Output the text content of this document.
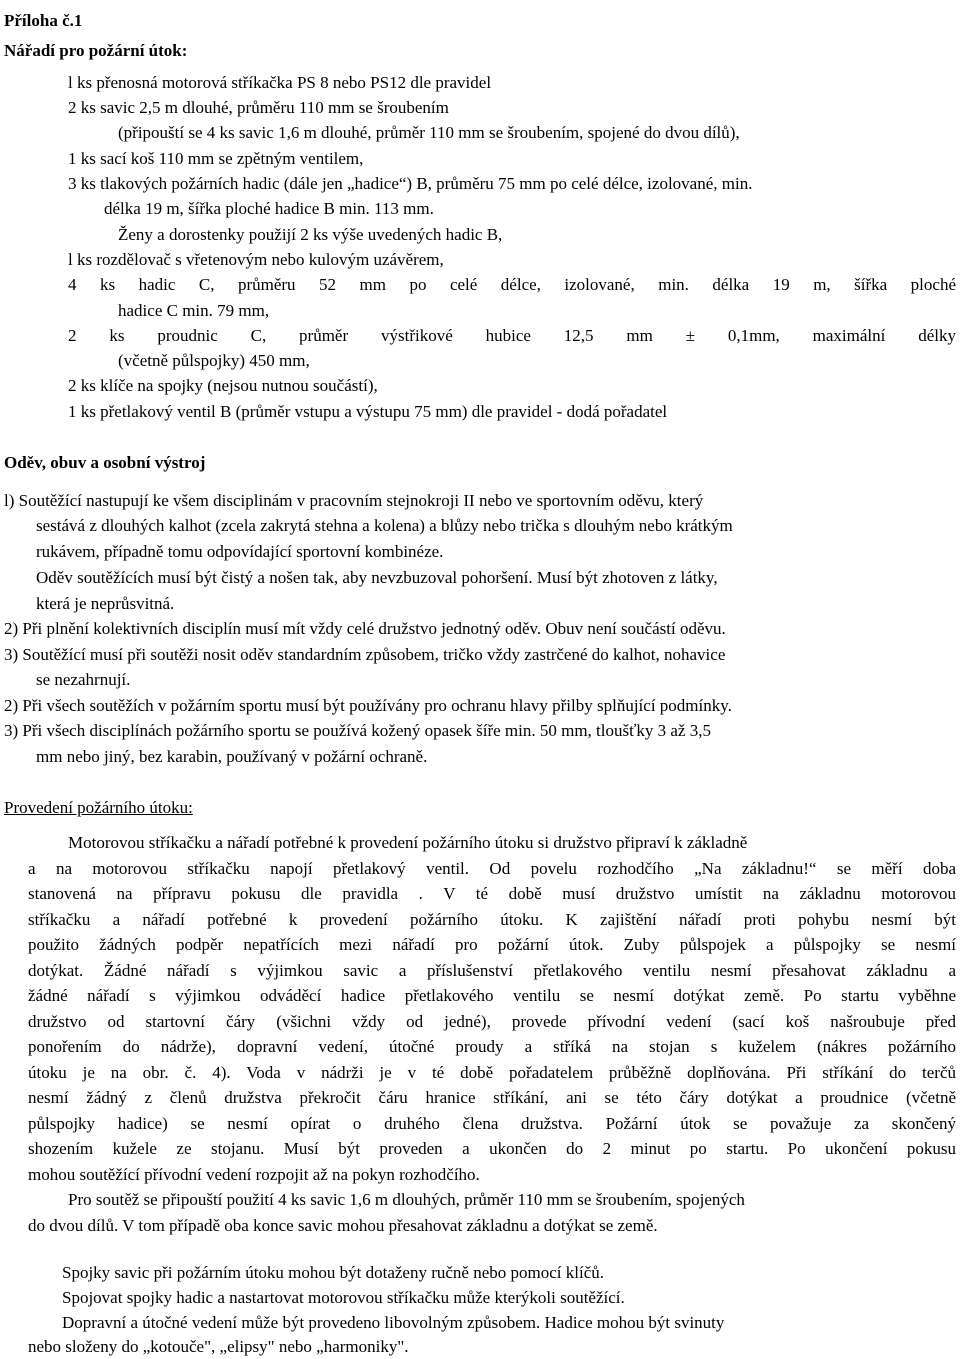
Příloha č.1
Nářadí pro požární útok:
l ks přenosná motorová stříkačka PS 8 nebo PS12 dle pravidel
2 ks savic 2,5 m dlouhé, průměru 110 mm se šroubením
(připouští se 4 ks savic 1,6 m dlouhé, průměr 110 mm se šroubením, spojené do dvou dílů),
1 ks sací koš 110 mm se zpětným ventilem,
3 ks tlakových požárních hadic (dále jen „hadice“) B, průměru 75 mm po celé délce, izolované, min.
délka 19 m, šířka ploché hadice B min. 113 mm.
Ženy a dorostenky použijí 2 ks výše uvedených hadic B,
l ks rozdělovač s vřetenovým nebo kulovým uzávěrem,
4 ks hadic C, průměru 52 mm po celé délce, izolované, min. délka 19 m, šířka ploché
hadice C min. 79 mm,
2 ks proudnic C, průměr výstřikové hubice 12,5 mm ± 0,1mm, maximální délky
(včetně půlspojky) 450 mm,
2 ks klíče na spojky (nejsou nutnou součástí),
1 ks přetlakový ventil B (průměr vstupu a výstupu 75 mm) dle pravidel - dodá pořadatel
Oděv, obuv a osobní výstroj
l) Soutěžící nastupují ke všem disciplinám v pracovním stejnokroji II nebo ve sportovním oděvu, který
sestává z dlouhých kalhot (zcela zakrytá stehna a kolena) a blůzy nebo trička s dlouhým nebo krátkým
rukávem, případně tomu odpovídající sportovní kombinéze.
Oděv soutěžících musí být čistý a nošen tak, aby nevzbuzoval pohoršení. Musí být zhotoven z látky,
která je neprůsvitná.
2) Při plnění kolektivních disciplín musí mít vždy celé družstvo jednotný oděv. Obuv není součástí oděvu.
3) Soutěžící musí při soutěži nosit oděv standardním způsobem, tričko vždy zastrčené do kalhot, nohavice
se nezahrnují.
2) Při všech soutěžích v požárním sportu musí být používány pro ochranu hlavy přilby splňující podmínky.
3) Při všech disciplínách požárního sportu se používá kožený opasek šíře min. 50 mm, tloušťky 3 až 3,5
mm nebo jiný, bez karabin, používaný v požární ochraně.
Provedení požárního útoku:
Motorovou stříkačku a nářadí potřebné k provedení požárního útoku si družstvo připraví k základně
a na motorovou stříkačku napojí přetlakový ventil. Od povelu rozhodčího „Na základnu!“ se měří doba
stanovená na přípravu pokusu dle pravidla . V té době musí družstvo umístit na základnu motorovou
stříkačku a nářadí potřebné k provedení požárního útoku. K zajištění nářadí proti pohybu nesmí být
použito žádných podpěr nepatřících mezi nářadí pro požární útok. Zuby půlspojek a půlspojky se nesmí
dotýkat. Žádné nářadí s výjimkou savic a příslušenství přetlakového ventilu nesmí přesahovat základnu a
žádné nářadí s výjimkou odváděcí hadice přetlakového ventilu se nesmí dotýkat země. Po startu vyběhne
družstvo od startovní čáry (všichni vždy od jedné), provede přívodní vedení (sací koš našroubuje před
ponořením do nádrže), dopravní vedení, útočné proudy a stříká na stojan s kuželem (nákres požárního
útoku je na obr. č. 4). Voda v nádrži je v té době pořadatelem průběžně doplňována. Při stříkání do terčů
nesmí žádný z členů družstva překročit čáru hranice stříkání, ani se této čáry dotýkat a proudnice (včetně
půlspojky hadice) se nesmí opírat o druhého člena družstva. Požární útok se považuje za skončený
shozením kužele ze stojanu. Musí být proveden a ukončen do 2 minut po startu. Po ukončení pokusu
mohou soutěžící přívodní vedení rozpojit až na pokyn rozhodčího.
Pro soutěž se připouští použití 4 ks savic 1,6 m dlouhých, průměr 110 mm se šroubením, spojených
do dvou dílů. V tom případě oba konce savic mohou přesahovat základnu a dotýkat se země.
Spojky savic při požárním útoku mohou být dotaženy ručně nebo pomocí klíčů.
Spojovat spojky hadic a nastartovat motorovou stříkačku může kterýkoli soutěžící.
Dopravní a útočné vedení může být provedeno libovolným způsobem. Hadice mohou být svinuty
nebo složeny do „kotouče", „elipsy" nebo „harmoniky".
